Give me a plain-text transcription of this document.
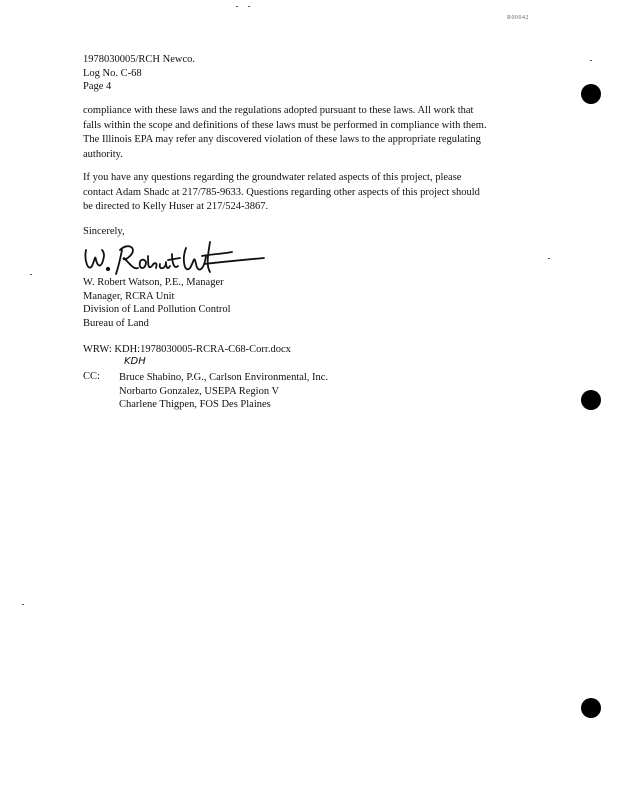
R00042
1978030005/RCH Newco.
Log No. C-68
Page 4
compliance with these laws and the regulations adopted pursuant to these laws. All work that
falls within the scope and definitions of these laws must be performed in compliance with them.
The Illinois EPA may refer any discovered violation of these laws to the appropriate regulating
authority.
If you have any questions regarding the groundwater related aspects of this project, please
contact Adam Shadc at 217/785-9633. Questions regarding other aspects of this project should
be directed to Kelly Huser at 217/524-3867.
Sincerely,
W. Robert Watson, P.E., Manager
Manager, RCRA Unit
Division of Land Pollution Control
Bureau of Land
WRW: KDH:1978030005-RCRA-C68-Corr.docx
KDH
CC: Bruce Shabino, P.G., Carlson Environmental, Inc.
Norbarto Gonzalez, USEPA Region V
Charlene Thigpen, FOS Des Plaines
